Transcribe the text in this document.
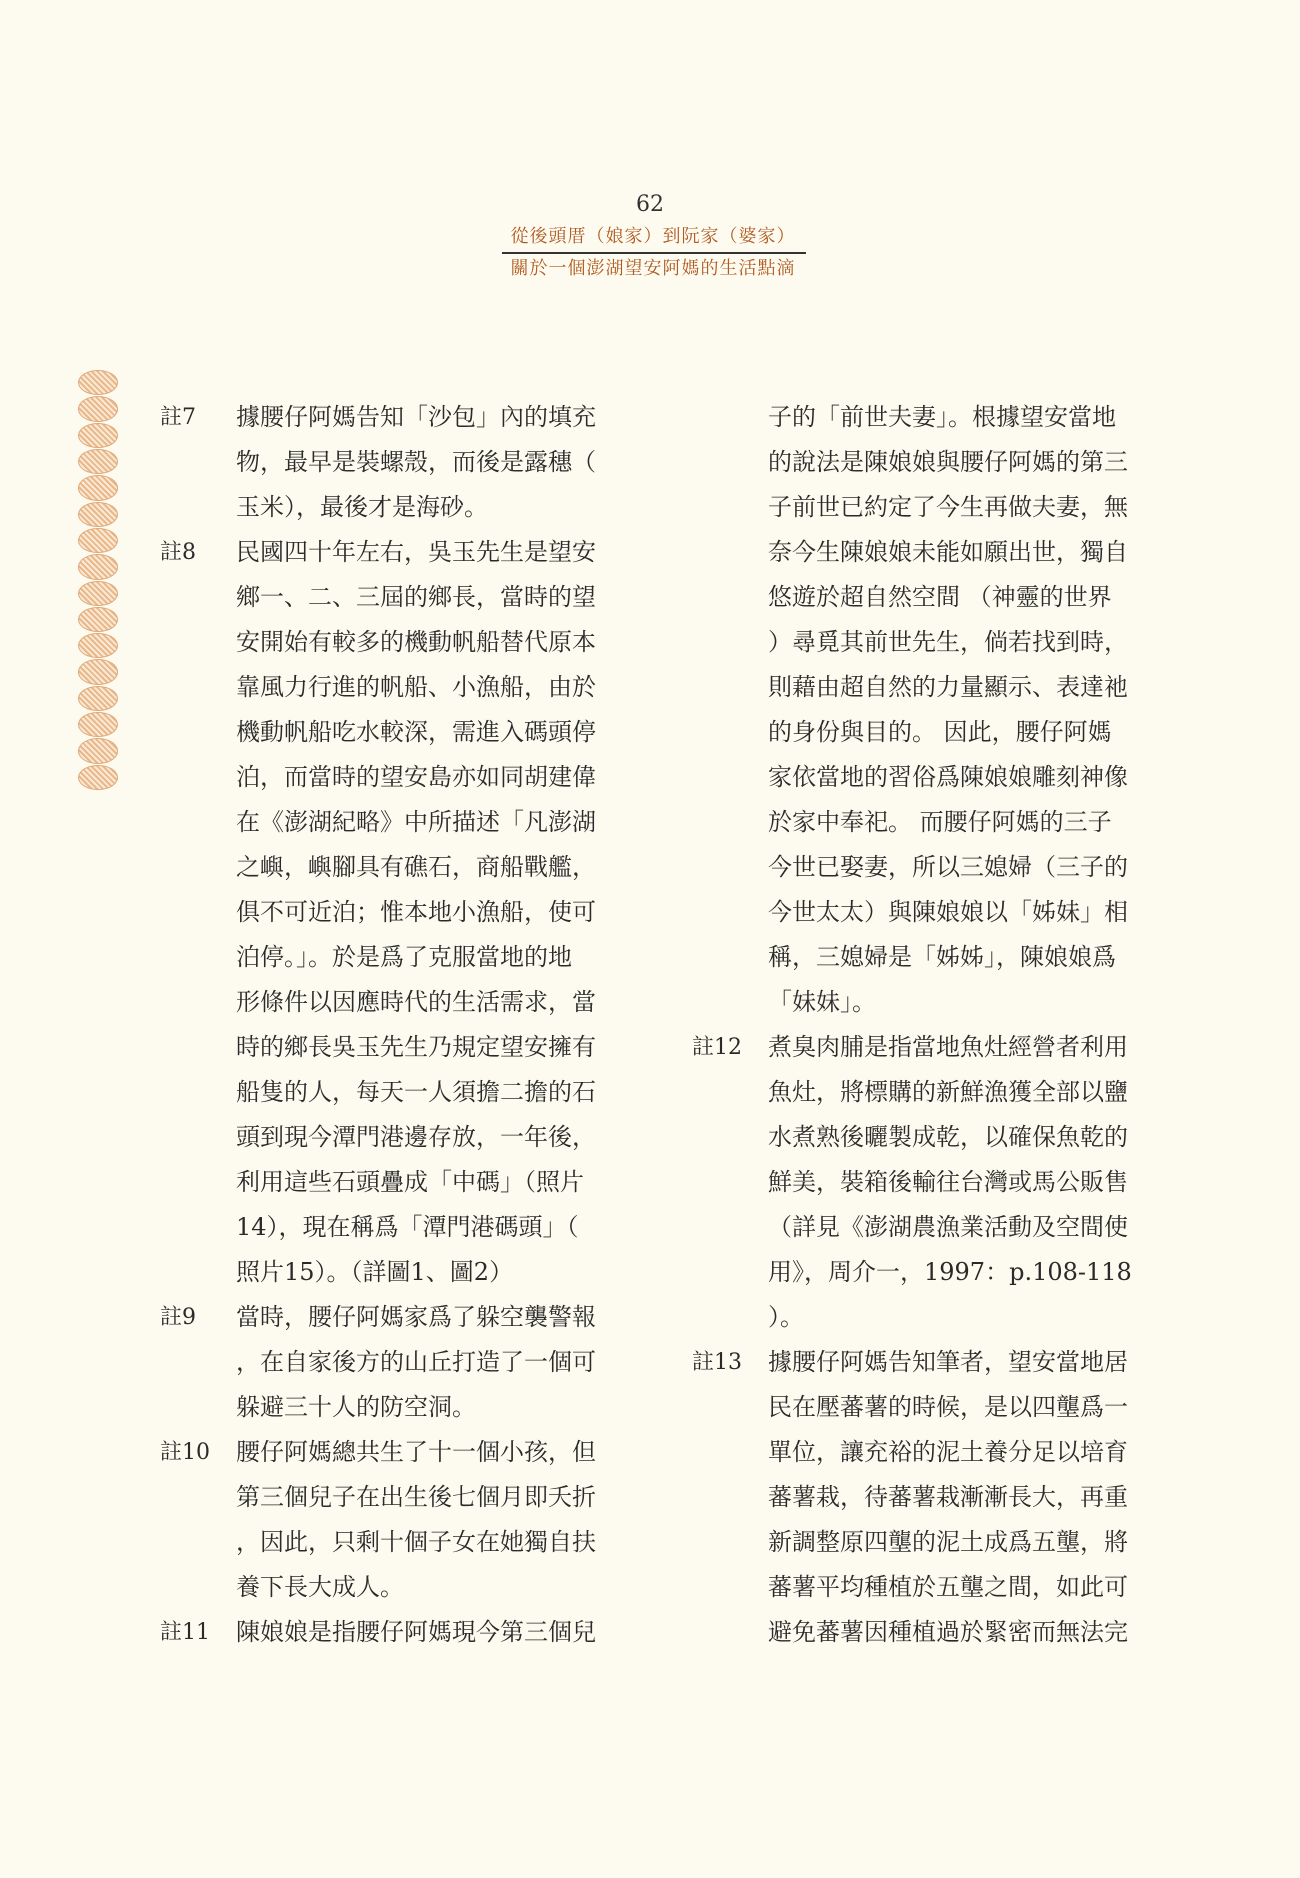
62
從後頭厝（娘家）到阮家（婆家）
關於一個澎湖望安阿媽的生活點滴
註7	據腰仔阿媽告知「沙包」內的填充
物，最早是裝螺殼，而後是露穗（
玉米），最後才是海砂。
註8	民國四十年左右，吳玉先生是望安
鄉一、二、三屆的鄉長，當時的望
安開始有較多的機動帆船替代原本
靠風力行進的帆船、小漁船，由於
機動帆船吃水較深，需進入碼頭停
泊，而當時的望安島亦如同胡建偉
在《澎湖紀略》中所描述「凡澎湖
之嶼，嶼腳具有礁石，商船戰艦，
俱不可近泊；惟本地小漁船，使可
泊停。」。於是爲了克服當地的地
形條件以因應時代的生活需求，當
時的鄉長吳玉先生乃規定望安擁有
船隻的人，每天一人須擔二擔的石
頭到現今潭門港邊存放，一年後，
利用這些石頭疊成「中碼」（照片
14），現在稱爲「潭門港碼頭」（
照片15）。（詳圖1、圖2）
註9	當時，腰仔阿媽家爲了躲空襲警報
，在自家後方的山丘打造了一個可
躲避三十人的防空洞。
註10	腰仔阿媽總共生了十一個小孩，但
第三個兒子在出生後七個月即夭折
，因此，只剩十個子女在她獨自扶
養下長大成人。
註11	陳娘娘是指腰仔阿媽現今第三個兒
子的「前世夫妻」。根據望安當地
的說法是陳娘娘與腰仔阿媽的第三
子前世已約定了今生再做夫妻，無
奈今生陳娘娘未能如願出世，獨自
悠遊於超自然空間 （神靈的世界
）尋覓其前世先生，倘若找到時，
則藉由超自然的力量顯示、表達祂
的身份與目的。 因此，腰仔阿媽
家依當地的習俗爲陳娘娘雕刻神像
於家中奉祀。 而腰仔阿媽的三子
今世已娶妻，所以三媳婦（三子的
今世太太）與陳娘娘以「姊妹」相
稱，三媳婦是「姊姊」，陳娘娘爲
「妹妹」。
註12	煮臭肉脯是指當地魚灶經營者利用
魚灶，將標購的新鮮漁獲全部以鹽
水煮熟後曬製成乾，以確保魚乾的
鮮美，裝箱後輸往台灣或馬公販售
（詳見《澎湖農漁業活動及空間使
用》，周介一，1997：p.108-118
）。
註13	據腰仔阿媽告知筆者，望安當地居
民在壓蕃薯的時候，是以四壟爲一
單位，讓充裕的泥土養分足以培育
蕃薯栽，待蕃薯栽漸漸長大，再重
新調整原四壟的泥土成爲五壟，將
蕃薯平均種植於五壟之間，如此可
避免蕃薯因種植過於緊密而無法完
